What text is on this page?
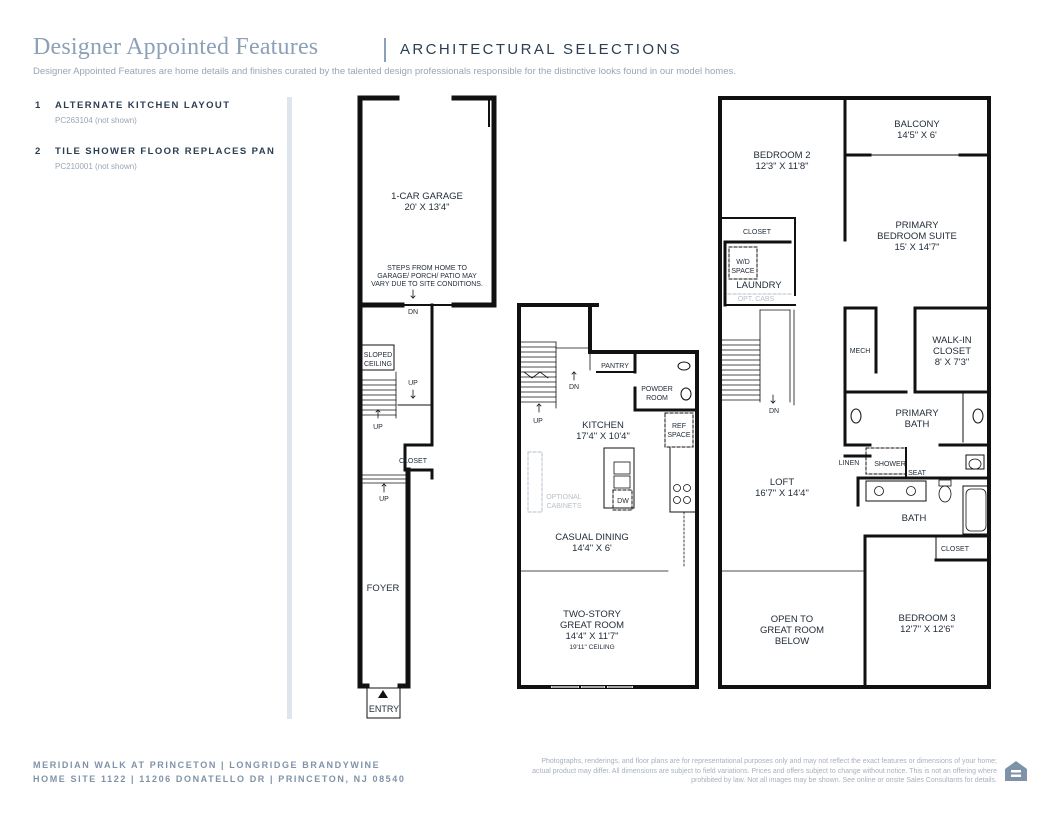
Designer Appointed Features	ARCHITECTURAL SELECTIONS
Designer Appointed Features are home details and finishes curated by the talented design professionals responsible for the distinctive looks found in our model homes.
1 ALTERNATE KITCHEN LAYOUT
PC263104 (not shown)
2 TILE SHOWER FLOOR REPLACES PAN
PC210001 (not shown)
1-CAR GARAGE
20' X 13'4"
STEPS FROM HOME TO
GARAGE/ PORCH/ PATIO MAY
VARY DUE TO SITE CONDITIONS.
DN
SLOPED
CEILING
UP
UP
CLOSET
UP
FOYER
ENTRY
PANTRY
POWDER
ROOM
DN
UP	KITCHEN
17'4" X 10'4"
REF
SPACE
OPTIONAL
CABINETS
DW
CASUAL DINING
14'4" X 6'
TWO-STORY
GREAT ROOM
14'4" X 11'7"
19'11" CEILING
BEDROOM 2
12'3" X 11'8"
BALCONY
14'5" X 6'
CLOSET
PRIMARY
BEDROOM SUITE
15' X 14'7"
W/D
SPACE
LAUNDRY
OPT. CABS
MECH
WALK-IN
CLOSET
8' X 7'3"
DN	PRIMARY
BATH
LINEN SHOWER
SEAT
LOFT
16'7" X 14'4"
BATH
CLOSET
OPEN TO
GREAT ROOM
BELOW
BEDROOM 3
12'7" X 12'6"
MERIDIAN WALK AT PRINCETON | LONGRIDGE BRANDYWINE
HOME SITE 1122 | 11206 DONATELLO DR | PRINCETON, NJ 08540
Photographs, renderings, and floor plans are for representational purposes only and may not reflect the exact features or dimensions of your home; actual product may differ. All dimensions are subject to field variations. Prices and offers subject to change without notice. This is not an offering where prohibited by law. Not all images may be shown. See online or onsite Sales Consultants for details.
